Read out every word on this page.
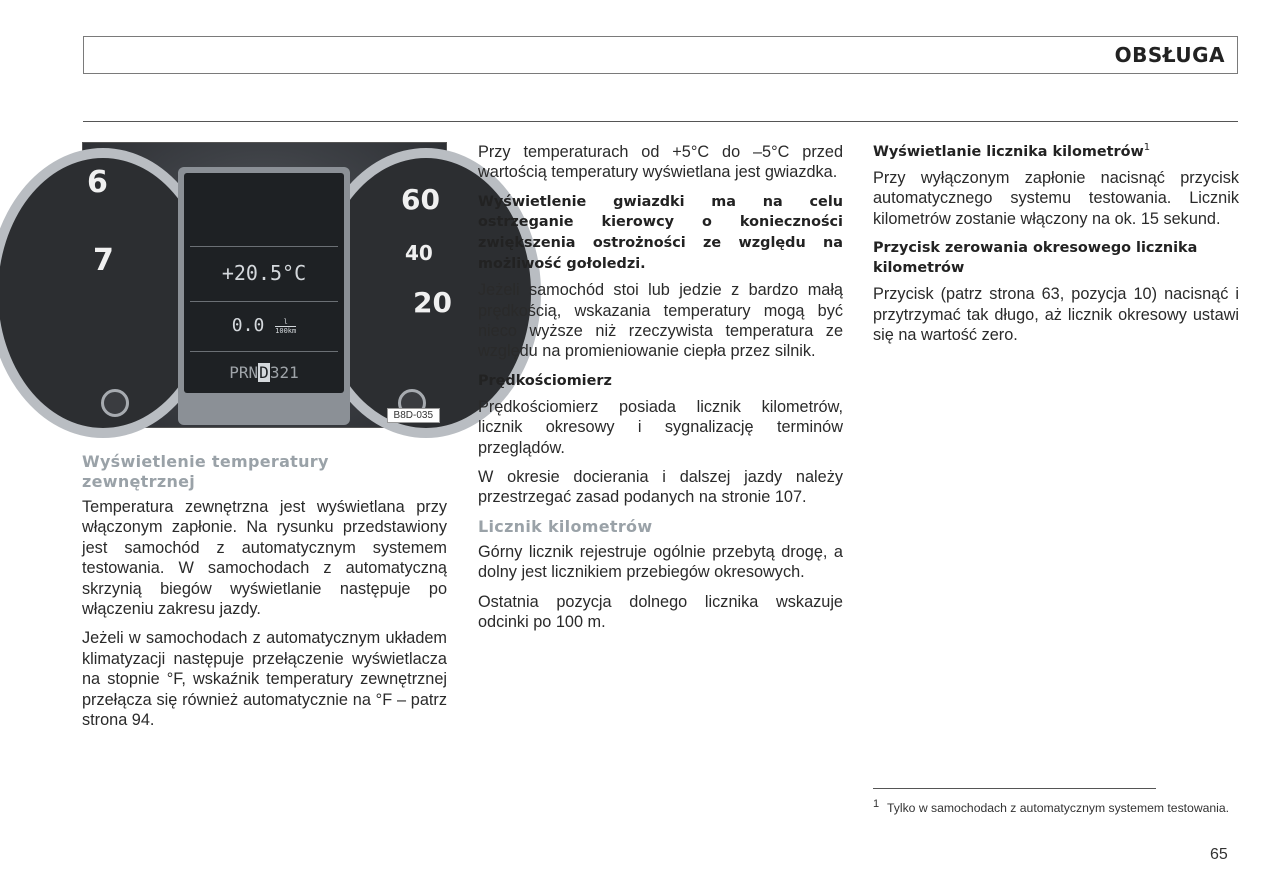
OBSŁUGA
6
7
60
40
20
+20.5°C
$0.0 \frac{l}{100km}$
PRND321
B8D-035
Wyświetlenie temperatury zewnętrznej

Temperatura zewnętrzna jest wyświetlana przy włączonym zapłonie. Na rysunku przedstawiony jest samochód z automatycznym systemem testowania. W samochodach z automatyczną skrzynią biegów wyświetlanie następuje po włączeniu zakresu jazdy.

Jeżeli w samochodach z automatycznym układem klimatyzacji następuje przełączenie wyświetlacza na stopnie °F, wskaźnik temperatury zewnętrznej przełącza się również automatycznie na °F – patrz strona 94.

Przy temperaturach od +5°C do –5°C przed wartością temperatury wyświetlana jest gwiazdka.

Wyświetlenie gwiazdki ma na celu ostrzeganie kierowcy o konieczności zwiększenia ostrożności ze względu na możliwość gołoledzi.

Jeżeli samochód stoi lub jedzie z bardzo małą prędkością, wskazania temperatury mogą być nieco wyższe niż rzeczywista temperatura ze względu na promieniowanie ciepła przez silnik.

Prędkościomierz

Prędkościomierz posiada licznik kilometrów, licznik okresowy i sygnalizację terminów przeglądów.

W okresie docierania i dalszej jazdy należy przestrzegać zasad podanych na stronie 107.

Licznik kilometrów

Górny licznik rejestruje ogólnie przebytą drogę, a dolny jest licznikiem przebiegów okresowych.

Ostatnia pozycja dolnego licznika wskazuje odcinki po 100 m.

Wyświetlanie licznika kilometrów$^1$

Przy wyłączonym zapłonie nacisnąć przycisk automatycznego systemu testowania. Licznik kilometrów zostanie włączony na ok. 15 sekund.

Przycisk zerowania okresowego licznika kilometrów

Przycisk (patrz strona 63, pozycja 10) nacisnąć i przytrzymać tak długo, aż licznik okresowy ustawi się na wartość zero.

1 Tylko w samochodach z automatycznym systemem testowania.
65
